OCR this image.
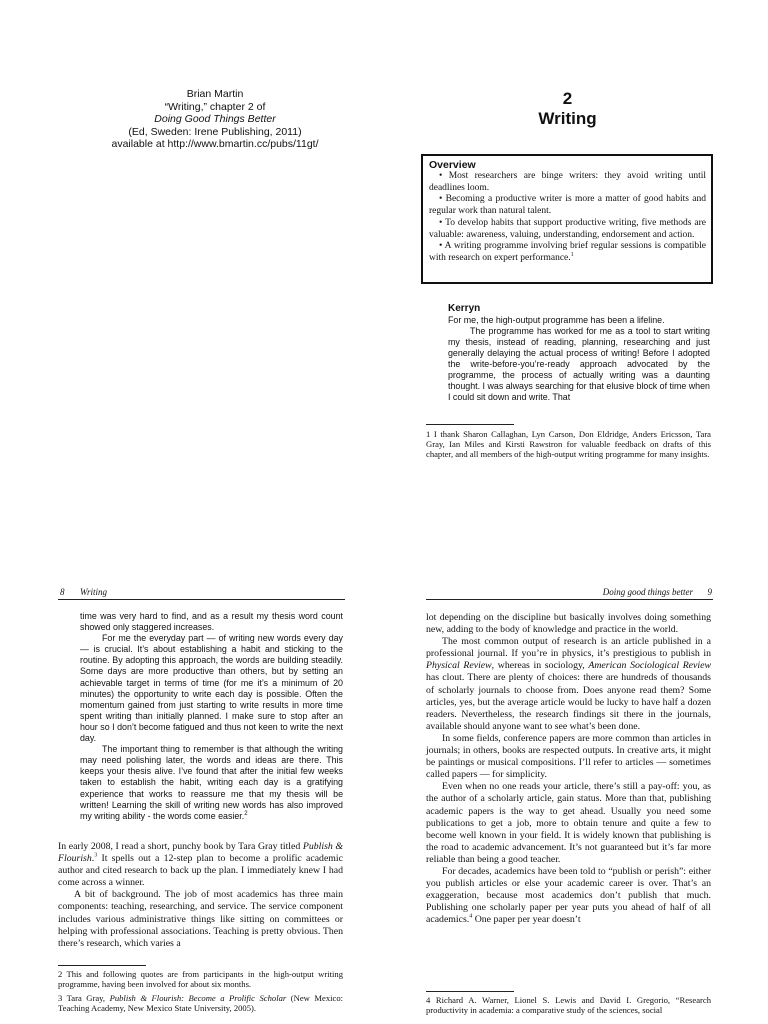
Brian Martin
“Writing,” chapter 2 of
Doing Good Things Better
(Ed, Sweden: Irene Publishing, 2011)
available at http://www.bmartin.cc/pubs/11gt/
2
Writing
Overview

• Most researchers are binge writers: they avoid writing until deadlines loom.

• Becoming a productive writer is more a matter of good habits and regular work than natural talent.

• To develop habits that support productive writing, five methods are valuable: awareness, valuing, understanding, endorsement and action.

• A writing programme involving brief regular sessions is compatible with research on expert performance.$^1$

Kerryn

For me, the high-output programme has been a lifeline.

The programme has worked for me as a tool to start writing my thesis, instead of reading, planning, researching and just generally delaying the actual process of writing! Before I adopted the write-before-you’re-ready approach advocated by the programme, the process of actually writing was a daunting thought. I was always searching for that elusive block of time when I could sit down and write. That

1 I thank Sharon Callaghan, Lyn Carson, Don Eldridge, Anders Ericsson, Tara Gray, Ian Miles and Kirsti Rawstron for valuable feedback on drafts of this chapter, and all members of the high-output writing programme for many insights.

8 Writing

time was very hard to find, and as a result my thesis word count showed only staggered increases.

For me the everyday part — of writing new words every day — is crucial. It’s about establishing a habit and sticking to the routine. By adopting this approach, the words are building steadily. Some days are more productive than others, but by setting an achievable target in terms of time (for me it’s a minimum of 20 minutes) the opportunity to write each day is possible. Often the momentum gained from just starting to write results in more time spent writing than initially planned. I make sure to stop after an hour so I don’t become fatigued and thus not keen to write the next day.

The important thing to remember is that although the writing may need polishing later, the words and ideas are there. This keeps your thesis alive. I’ve found that after the initial few weeks taken to establish the habit, writing each day is a gratifying experience that works to reassure me that my thesis will be written! Learning the skill of writing new words has also improved my writing ability - the words come easier.$^2$

In early 2008, I read a short, punchy book by Tara Gray titled Publish & Flourish.$^3$ It spells out a 12-step plan to become a prolific academic author and cited research to back up the plan. I immediately knew I had come across a winner.

A bit of background. The job of most academics has three main components: teaching, researching, and service. The service component includes various administrative things like sitting on committees or helping with professional associations. Teaching is pretty obvious. Then there’s research, which varies a

2 This and following quotes are from participants in the high-output writing programme, having been involved for about six months.

3 Tara Gray, Publish & Flourish: Become a Prolific Scholar (New Mexico: Teaching Academy, New Mexico State University, 2005).

Doing good things better	9

lot depending on the discipline but basically involves doing something new, adding to the body of knowledge and practice in the world.

The most common output of research is an article published in a professional journal. If you’re in physics, it’s prestigious to publish in Physical Review, whereas in sociology, American Sociological Review has clout. There are plenty of choices: there are hundreds of thousands of scholarly journals to choose from. Does anyone read them? Some articles, yes, but the average article would be lucky to have half a dozen readers. Nevertheless, the research findings sit there in the journals, available should anyone want to see what’s been done.

In some fields, conference papers are more common than articles in journals; in others, books are respected outputs. In creative arts, it might be paintings or musical compositions. I’ll refer to articles — sometimes called papers — for simplicity.

Even when no one reads your article, there’s still a pay-off: you, as the author of a scholarly article, gain status. More than that, publishing academic papers is the way to get ahead. Usually you need some publications to get a job, more to obtain tenure and quite a few to become well known in your field. It is widely known that publishing is the road to academic advancement. It’s not guaranteed but it’s far more reliable than being a good teacher.

For decades, academics have been told to “publish or perish”: either you publish articles or else your academic career is over. That’s an exaggeration, because most academics don’t publish that much. Publishing one scholarly paper per year puts you ahead of half of all academics.$^4$ One paper per year doesn’t

4 Richard A. Warner, Lionel S. Lewis and David I. Gregorio, “Research productivity in academia: a comparative study of the sciences, social
